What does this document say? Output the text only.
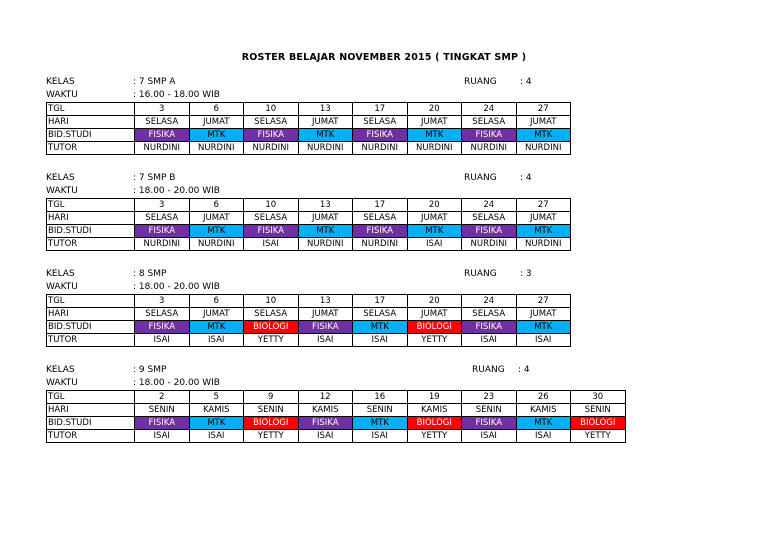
ROSTER BELAJAR NOVEMBER 2015 ( TINGKAT SMP )
KELAS	: 7 SMP A	RUANG	: 4
WAKTU	: 16.00 - 18.00 WIB
TGL	3	6	10	13	17	20	24	27
HARI	SELASA	JUMAT	SELASA	JUMAT	SELASA	JUMAT	SELASA	JUMAT
BID.STUDI	FISIKA	MTK	FISIKA	MTK	FISIKA	MTK	FISIKA	MTK
TUTOR	NURDINI	NURDINI	NURDINI	NURDINI	NURDINI	NURDINI	NURDINI	NURDINI
KELAS	: 7 SMP B	RUANG	: 4
WAKTU	: 18.00 - 20.00 WIB
TGL	3	6	10	13	17	20	24	27
HARI	SELASA	JUMAT	SELASA	JUMAT	SELASA	JUMAT	SELASA	JUMAT
BID.STUDI	FISIKA	MTK	FISIKA	MTK	FISIKA	MTK	FISIKA	MTK
TUTOR	NURDINI	NURDINI	ISAI	NURDINI	NURDINI	ISAI	NURDINI	NURDINI
KELAS	: 8 SMP	RUANG	: 3
WAKTU	: 18.00 - 20.00 WIB
TGL	3	6	10	13	17	20	24	27
HARI	SELASA	JUMAT	SELASA	JUMAT	SELASA	JUMAT	SELASA	JUMAT
BID.STUDI	FISIKA	MTK	BIOLOGI	FISIKA	MTK	BIOLOGI	FISIKA	MTK
TUTOR	ISAI	ISAI	YETTY	ISAI	ISAI	YETTY	ISAI	ISAI
KELAS	: 9 SMP	RUANG : 4
WAKTU	: 18.00 - 20.00 WIB
TGL	2	5	9	12	16	19	23	26	30
HARI	SENIN	KAMIS	SENIN	KAMIS	SENIN	KAMIS	SENIN	KAMIS	SENIN
BID.STUDI	FISIKA	MTK	BIOLOGI	FISIKA	MTK	BIOLOGI	FISIKA	MTK	BIOLOGI
TUTOR	ISAI	ISAI	YETTY	ISAI	ISAI	YETTY	ISAI	ISAI	YETTY
